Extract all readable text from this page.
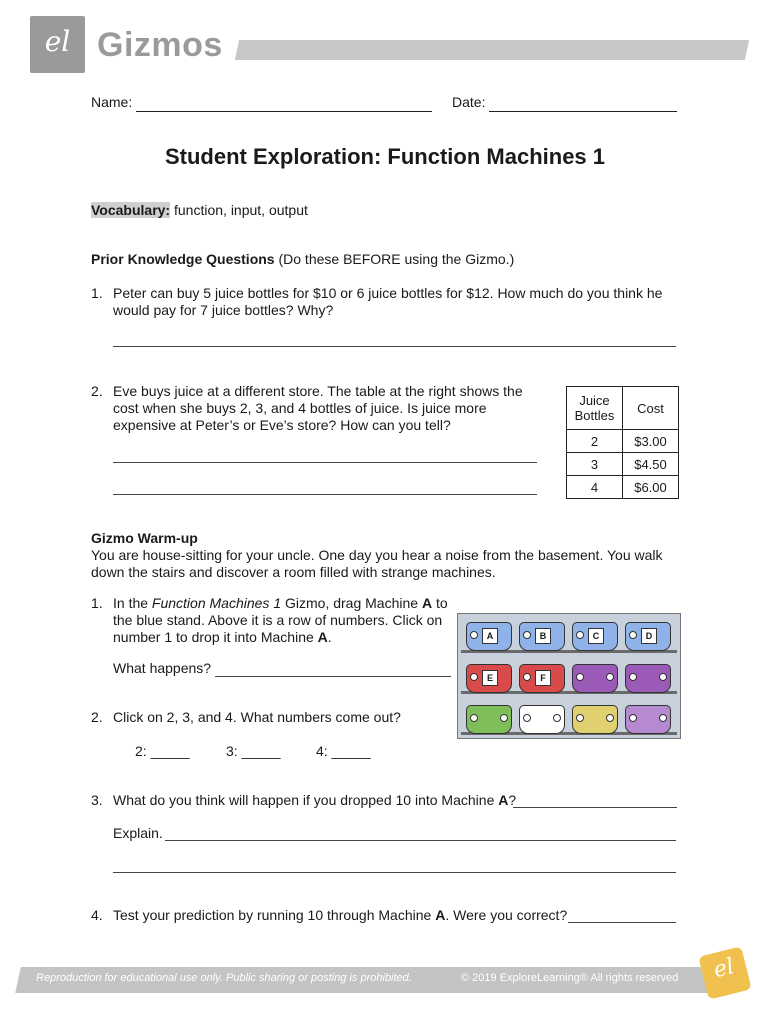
el Gizmos
Name:	Date:
Student Exploration: Function Machines 1
Vocabulary: function, input, output
Prior Knowledge Questions (Do these BEFORE using the Gizmo.)
1. Peter can buy 5 juice bottles for $10 or 6 juice bottles for $12. How much do you think he
would pay for 7 juice bottles? Why?
2. Eve buys juice at a different store. The table at the right shows the
cost when she buys 2, 3, and 4 bottles of juice. Is juice more
expensive at Peter’s or Eve’s store? How can you tell?
Juice
Bottles	Cost
2	$3.00
3	$4.50
4	$6.00
Gizmo Warm-up
You are house-sitting for your uncle. One day you hear a noise from the basement. You walk
down the stairs and discover a room filled with strange machines.
1. In the Function Machines 1 Gizmo, drag Machine A to
the blue stand. Above it is a row of numbers. Click on
number 1 to drop it into Machine A.
What happens?
A	B	C	D
E	F
2. Click on 2, 3, and 4. What numbers come out?
2: _____	3: _____	4: _____
3. What do you think will happen if you dropped 10 into Machine A?
Explain.
4. Test your prediction by running 10 through Machine A. Were you correct?
Reproduction for educational use only. Public sharing or posting is prohibited.	© 2019 ExploreLearning® All rights reserved	el
